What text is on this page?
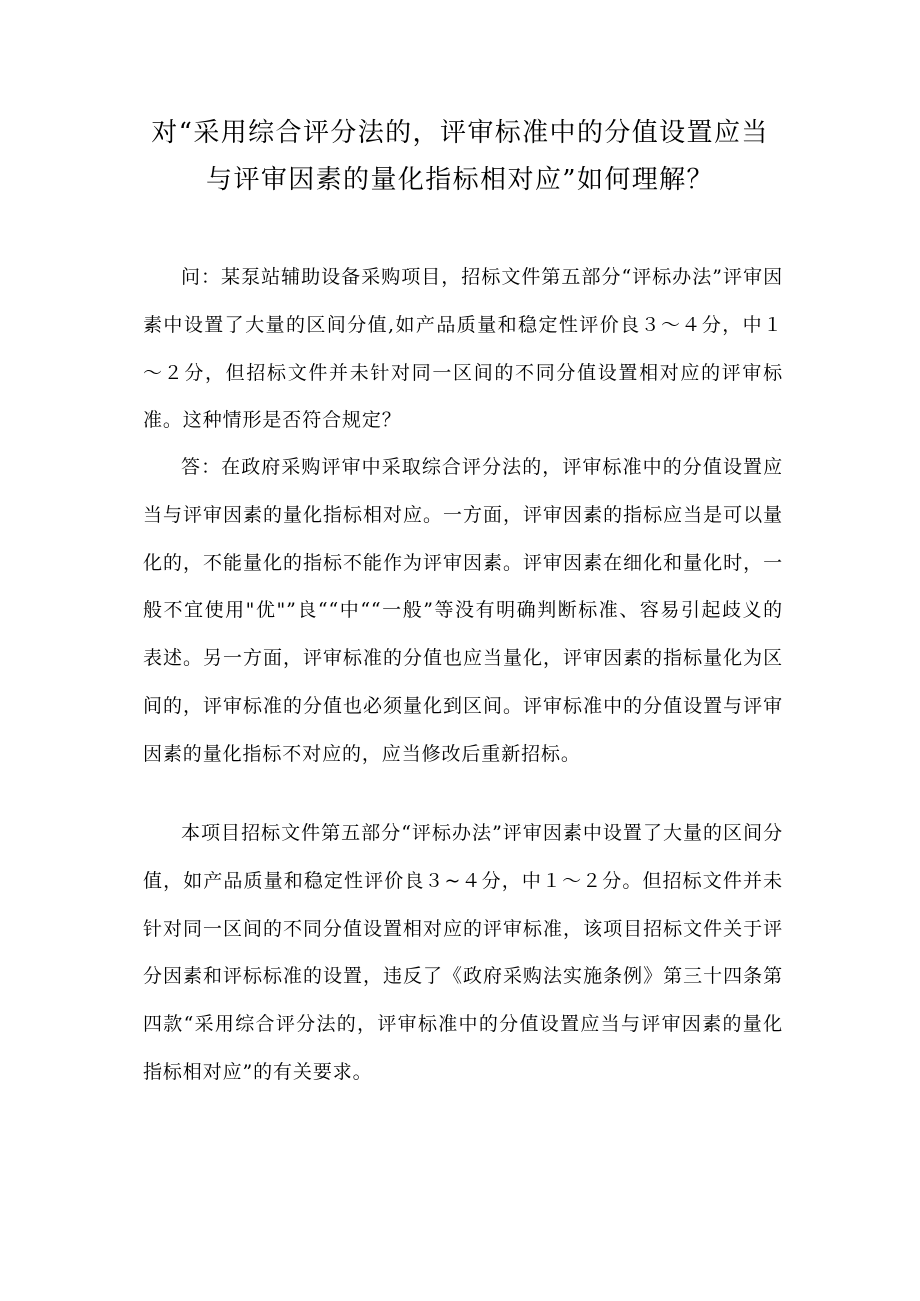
对“采用综合评分法的，评审标准中的分值设置应当
与评审因素的量化指标相对应”如何理解？

问：某泵站辅助设备采购项目，招标文件第五部分“评标办法”评审因素中设置了大量的区间分值,如产品质量和稳定性评价良３～４分，中１～２分，但招标文件并未针对同一区间的不同分值设置相对应的评审标准。这种情形是否符合规定？

答：在政府采购评审中采取综合评分法的，评审标准中的分值设置应当与评审因素的量化指标相对应。一方面，评审因素的指标应当是可以量化的，不能量化的指标不能作为评审因素。评审因素在细化和量化时，一般不宜使用"优"”良““中““一般”等没有明确判断标准、容易引起歧义的表述。另一方面，评审标准的分值也应当量化，评审因素的指标量化为区间的，评审标准的分值也必须量化到区间。评审标准中的分值设置与评审因素的量化指标不对应的，应当修改后重新招标。

本项目招标文件第五部分“评标办法”评审因素中设置了大量的区间分值，如产品质量和稳定性评价良３~４分，中１～２分。但招标文件并未针对同一区间的不同分值设置相对应的评审标准，该项目招标文件关于评分因素和评标标准的设置，违反了《政府采购法实施条例》第三十四条第四款“采用综合评分法的，评审标准中的分值设置应当与评审因素的量化指标相对应”的有关要求。
